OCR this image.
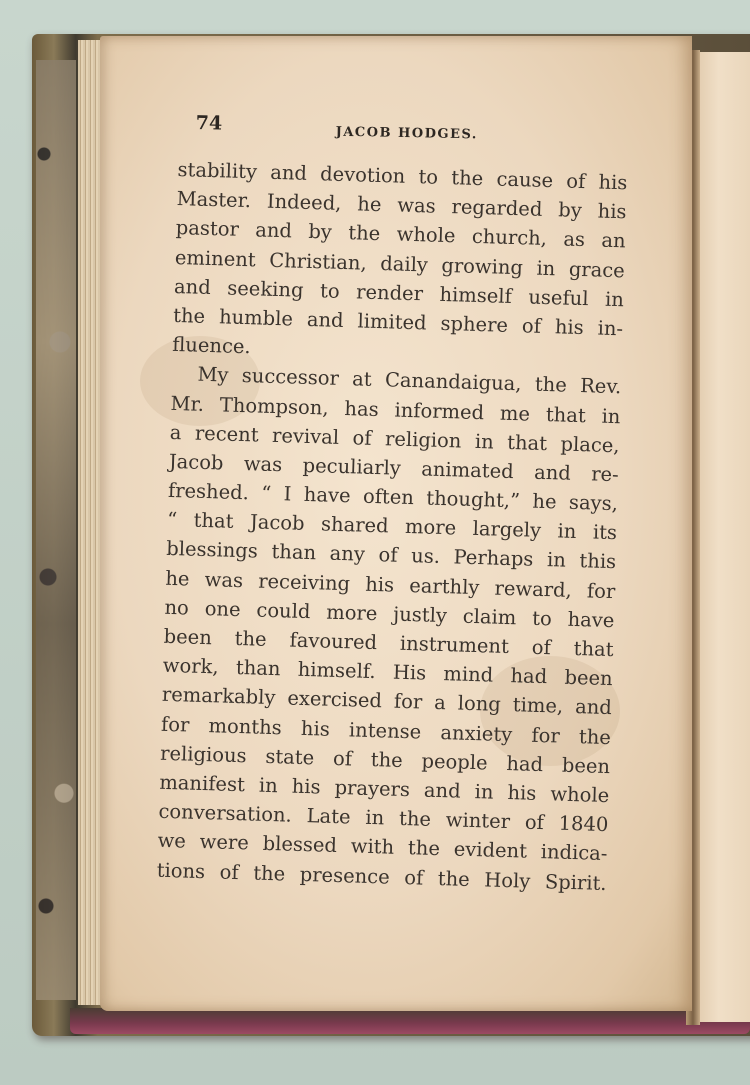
74	JACOB HODGES.
stability and devotion to the cause of his
Master. Indeed, he was regarded by his
pastor and by the whole church, as an
eminent Christian, daily growing in grace
and seeking to render himself useful in
the humble and limited sphere of his in-
fluence.
My successor at Canandaigua, the Rev.
Mr. Thompson, has informed me that in
a recent revival of religion in that place,
Jacob was peculiarly animated and re-
freshed. “ I have often thought,” he says,
“ that Jacob shared more largely in its
blessings than any of us. Perhaps in this
he was receiving his earthly reward, for
no one could more justly claim to have
been the favoured instrument of that
work, than himself. His mind had been
remarkably exercised for a long time, and
for months his intense anxiety for the
religious state of the people had been
manifest in his prayers and in his whole
conversation. Late in the winter of 1840
we were blessed with the evident indica-
tions of the presence of the Holy Spirit.
